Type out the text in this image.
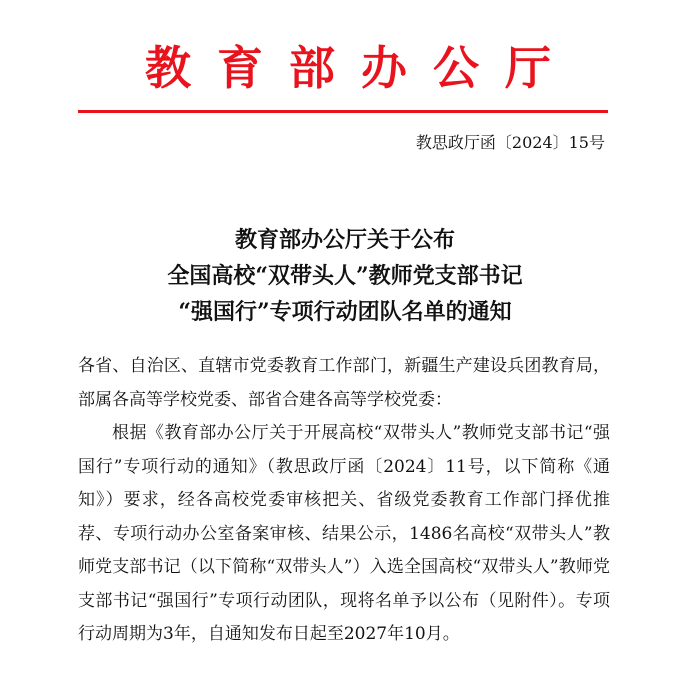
教育部办公厅
教思政厅函〔2024〕15号
教育部办公厅关于公布
全国高校“双带头人”教师党支部书记
“强国行”专项行动团队名单的通知

各省、自治区、直辖市党委教育工作部门，新疆生产建设兵团教育局，部属各高等学校党委、部省合建各高等学校党委：

根据《教育部办公厅关于开展高校“双带头人”教师党支部书记“强国行”专项行动的通知》（教思政厅函〔2024〕11号，以下简称《通知》）要求，经各高校党委审核把关、省级党委教育工作部门择优推荐、专项行动办公室备案审核、结果公示，1486名高校“双带头人”教师党支部书记（以下简称“双带头人”）入选全国高校“双带头人”教师党支部书记“强国行”专项行动团队，现将名单予以公布（见附件）。专项行动周期为3年，自通知发布日起至2027年10月。
